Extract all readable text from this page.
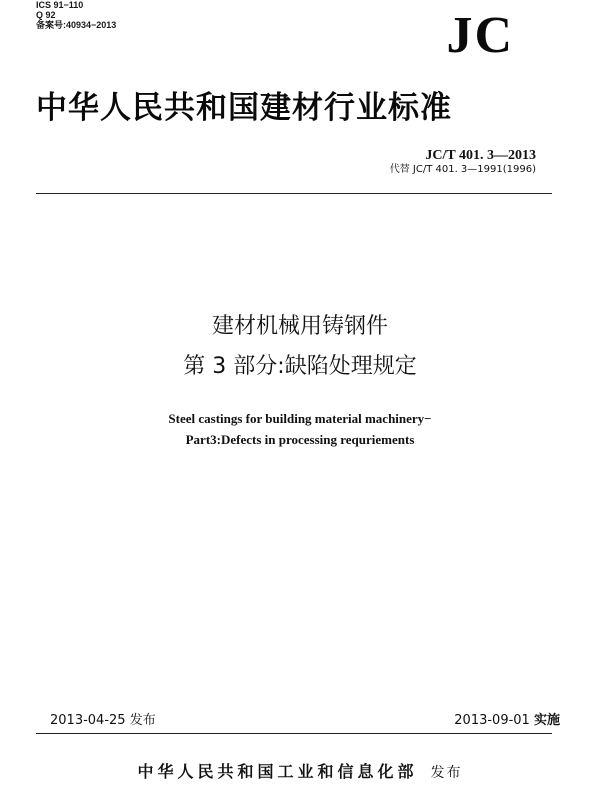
ICS 91−110
Q 92
备案号:40934−2013	JC
中华人民共和国建材行业标准
JC/T 401. 3—2013
代替 JC/T 401. 3—1991(1996)
建材机械用铸钢件
第 3 部分:缺陷处理规定
Steel castings for building material machinery−
Part3:Defects in processing requriements
2013-04-25 发布	2013-09-01 实施
中华人民共和国工业和信息化部 发布
